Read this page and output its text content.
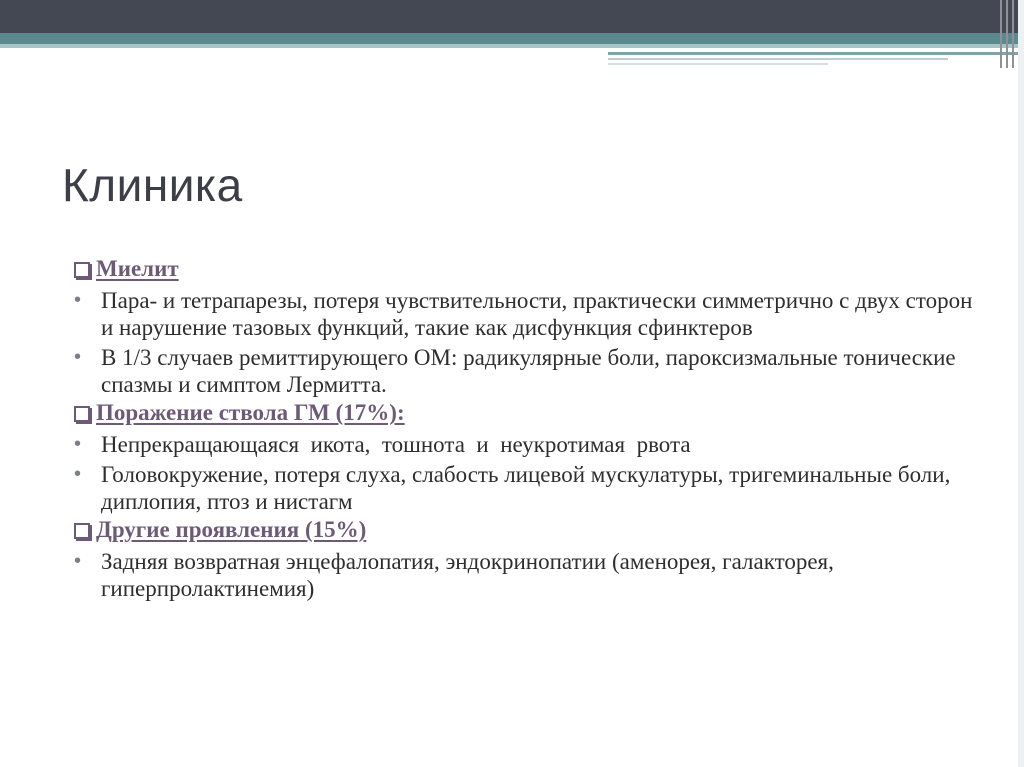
Клиника
Миелит
• Пара- и тетрапарезы, потеря чувствительности, практически симметрично с двух сторон и нарушение тазовых функций, такие как дисфункция сфинктеров
• В 1/3 случаев ремиттирующего ОМ: радикулярные боли, пароксизмальные тонические спазмы и симптом Лермитта.
Поражение ствола ГМ (17%):
• Непрекращающаяся  икота,  тошнота  и  неукротимая  рвота
• Головокружение, потеря слуха, слабость лицевой мускулатуры, тригеминальные боли, диплопия, птоз и нистагм
Другие проявления (15%)
• Задняя возвратная энцефалопатия, эндокринопатии (аменорея, галакторея, гиперпролактинемия)
